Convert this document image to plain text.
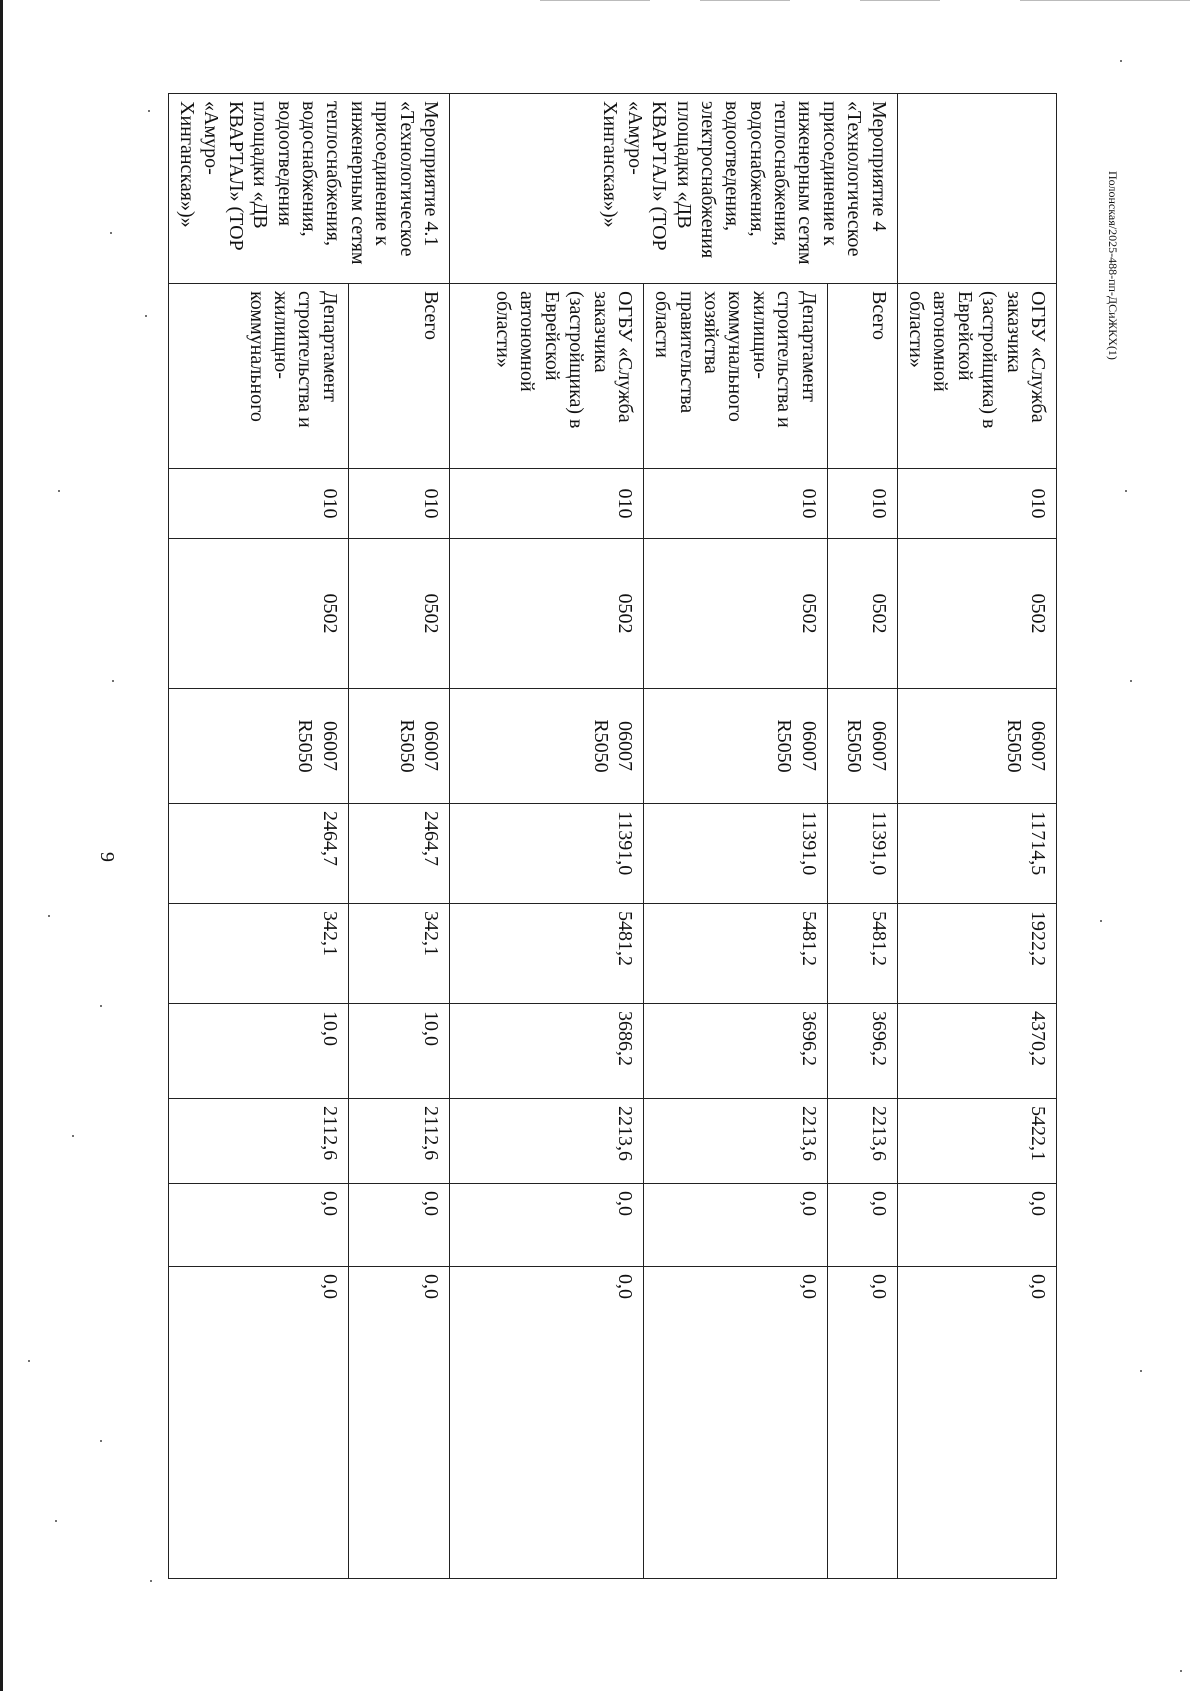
9
Полонская/2025-488-пп-ДСиЖКХ(1)
	ОГБУ «Служба заказчика (застройщика) в Еврейской автономной области»	010	0502	06007 R5050	11714,5	1922,2	4370,2	5422,1	0,0	0,0
Мероприятие 4 «Технологическое присоединение к инженерным сетям теплоснабжения, водоснабжения, водоотведения, электроснабжения площадки «ДВ КВАРТАЛ» (ТОР «Амуро-Хинганская»)»	Всего	010	0502	06007 R5050	11391,0	5481,2	3696,2	2213,6	0,0	0,0
	Департамент строительства и жилищно-коммунального хозяйства правительства области	010	0502	06007 R5050	11391,0	5481,2	3696,2	2213,6	0,0	0,0
	ОГБУ «Служба заказчика (застройщика) в Еврейской автономной области»	010	0502	06007 R5050	11391,0	5481,2	3686,2	2213,6	0,0	0,0
Мероприятие 4.1 «Технологическое присоединение к инженерным сетям теплоснабжения, водоснабжения, водоотведения площадки «ДВ КВАРТАЛ» (ТОР «Амуро-Хинганская»)»	Всего	010	0502	06007 R5050	2464,7	342,1	10,0	2112,6	0,0	0,0
	Департамент строительства и жилищно-коммунального	010	0502	06007 R5050	2464,7	342,1	10,0	2112,6	0,0	0,0
